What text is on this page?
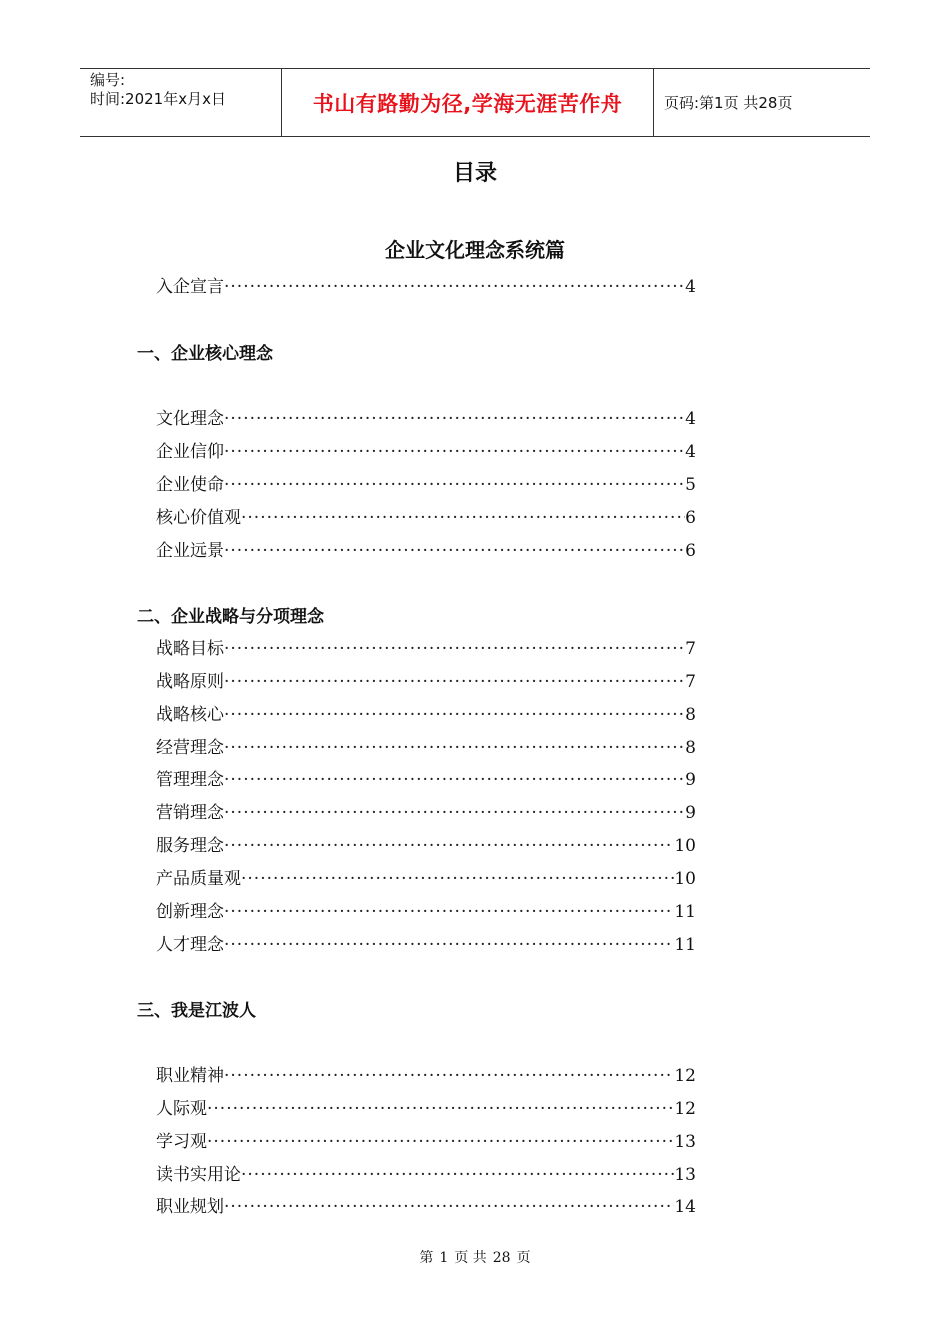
编号:
时间:2021年x月x日	书山有路勤为径,学海无涯苦作舟	页码:第1页 共28页
目录
企业文化理念系统篇
入企宣言 ·····	4
一、企业核心理念
文化理念 ·····	4
企业信仰 ·····	4
企业使命 ·····	5
核心价值观 ·····	6
企业远景 ·····	6
二、企业战略与分项理念
战略目标 ·····	7
战略原则 ·····	7
战略核心 ·····	8
经营理念 ·····	8
管理理念 ·····	9
营销理念 ·····	9
服务理念 ·····	10
产品质量观 ·····	10
创新理念 ·····	11
人才理念 ·····	11
三、我是江波人
职业精神 ·····	12
人际观 ·····	12
学习观 ·····	13
读书实用论 ·····	13
职业规划 ·····	14
第 1 页 共 28 页
